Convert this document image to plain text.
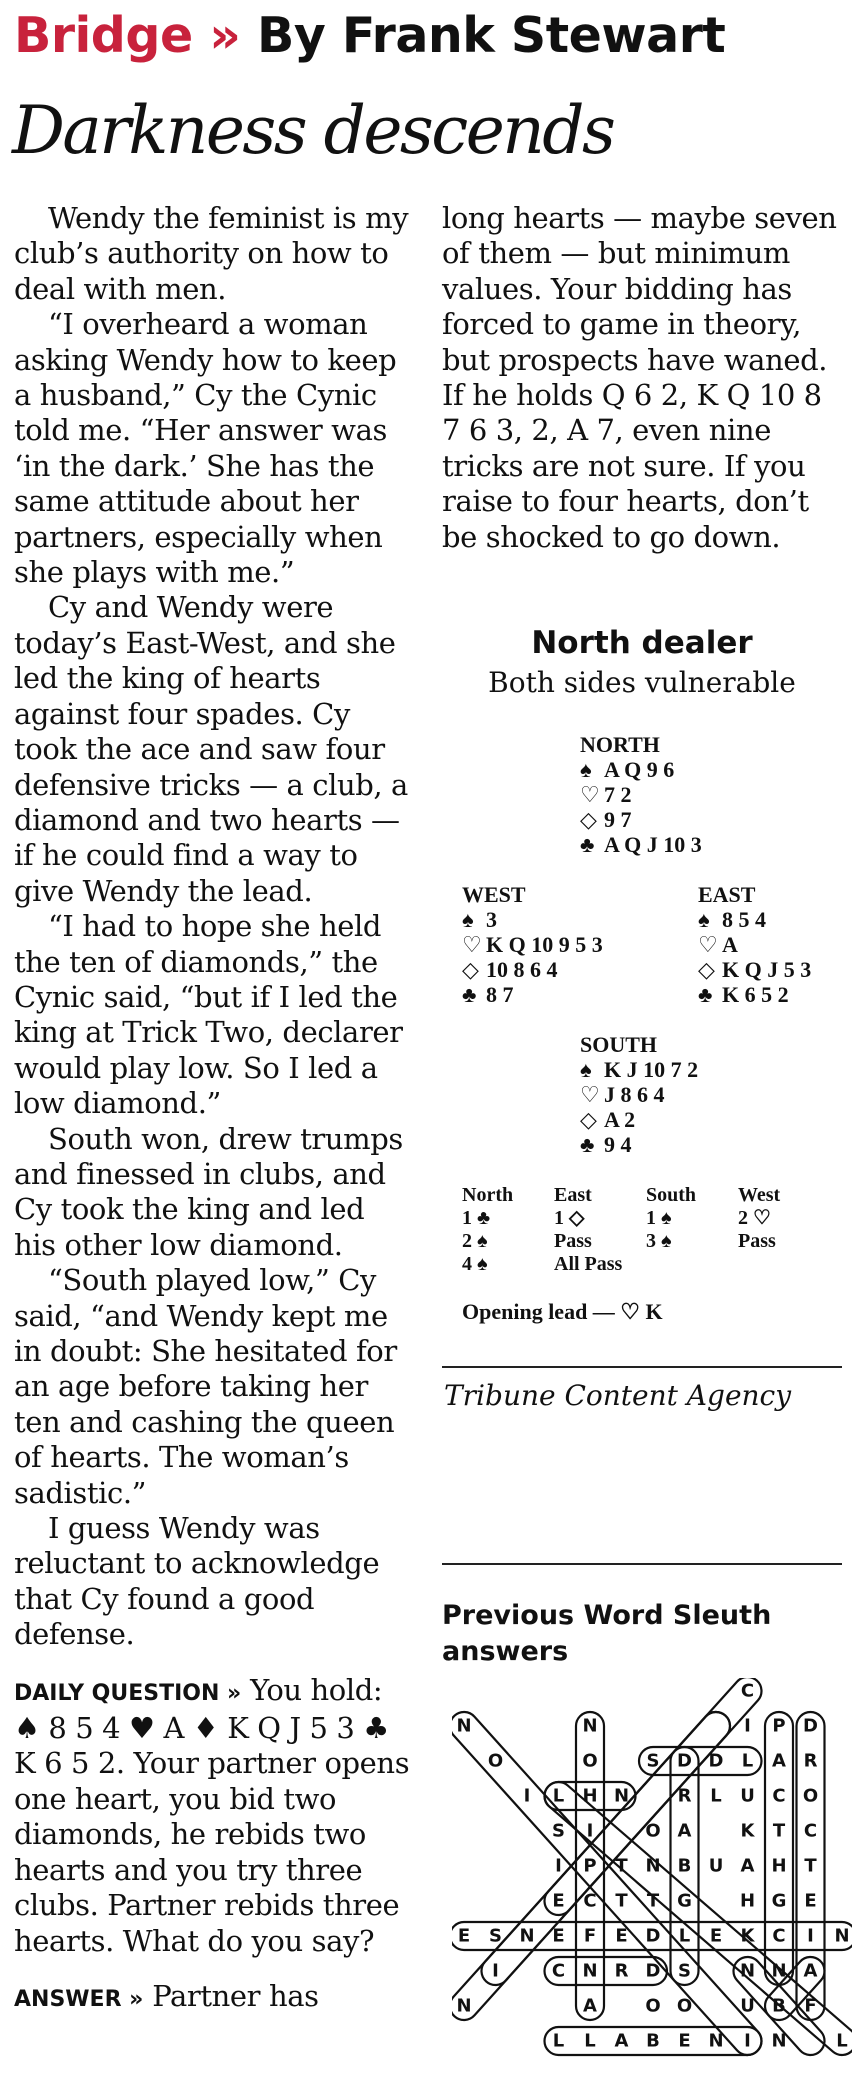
Bridge » By Frank Stewart
Darkness descends

Wendy the feminist is my club’s authority on how to deal with men.

“I overheard a woman asking Wendy how to keep a husband,” Cy the Cynic told me. “Her answer was ‘in the dark.’ She has the same attitude about her partners, especially when she plays with me.”

Cy and Wendy were today’s East-West, and she led the king of hearts against four spades. Cy took the ace and saw four defensive tricks — a club, a diamond and two hearts — if he could find a way to give Wendy the lead.

“I had to hope she held the ten of diamonds,” the Cynic said, “but if I led the king at Trick Two, declarer would play low. So I led a low diamond.”

South won, drew trumps and finessed in clubs, and Cy took the king and led his other low diamond.

“South played low,” Cy said, “and Wendy kept me in doubt: She hesitated for an age before taking her ten and cashing the queen of hearts. The woman’s sadistic.”

I guess Wendy was reluctant to acknowledge that Cy found a good defense.

DAILY QUESTION » You hold: ♠ 8 5 4 ♥ A ♦ K Q J 5 3 ♣ K 6 5 2. Your partner opens one heart, you bid two diamonds, he rebids two hearts and you try three clubs. Partner rebids three hearts. What do you say?

ANSWER » Partner has

long hearts — maybe seven of them — but minimum values. Your bidding has forced to game in theory, but prospects have waned. If he holds Q 6 2, K Q 10 8 7 6 3, 2, A 7, even nine tricks are not sure. If you raise to four hearts, don’t be shocked to go down.

North dealer
Both sides vulnerable
NORTH
♠ A Q 9 6
♡ 7 2
◇ 9 7
♣ A Q J 10 3
WEST
♠ 3
♡ K Q 10 9 5 3
◇ 10 8 6 4
♣ 8 7
EAST
♠ 8 5 4
♡ A
◇ K Q J 5 3
♣ K 6 5 2
SOUTH
♠ K J 10 7 2
♡ J 8 6 4
◇ A 2
♣ 9 4
North	East	South	West
1 ♣	1 ◇	1 ♠	2 ♡
2 ♠	Pass	3 ♠	Pass
4 ♠	All Pass
Opening lead — ♡ K
Tribune Content Agency
Previous Word Sleuth answers
C
N	N	I P D
O	O	S D D L A R
I L H N	R L U C O
S I	O A	K T C
I P T N B U A H T
E C T T G	H G E
E S N E F E D L E K C I N
I	C N R D S	N N A
N	A	O O	U B F
L L A B E N I N	L
